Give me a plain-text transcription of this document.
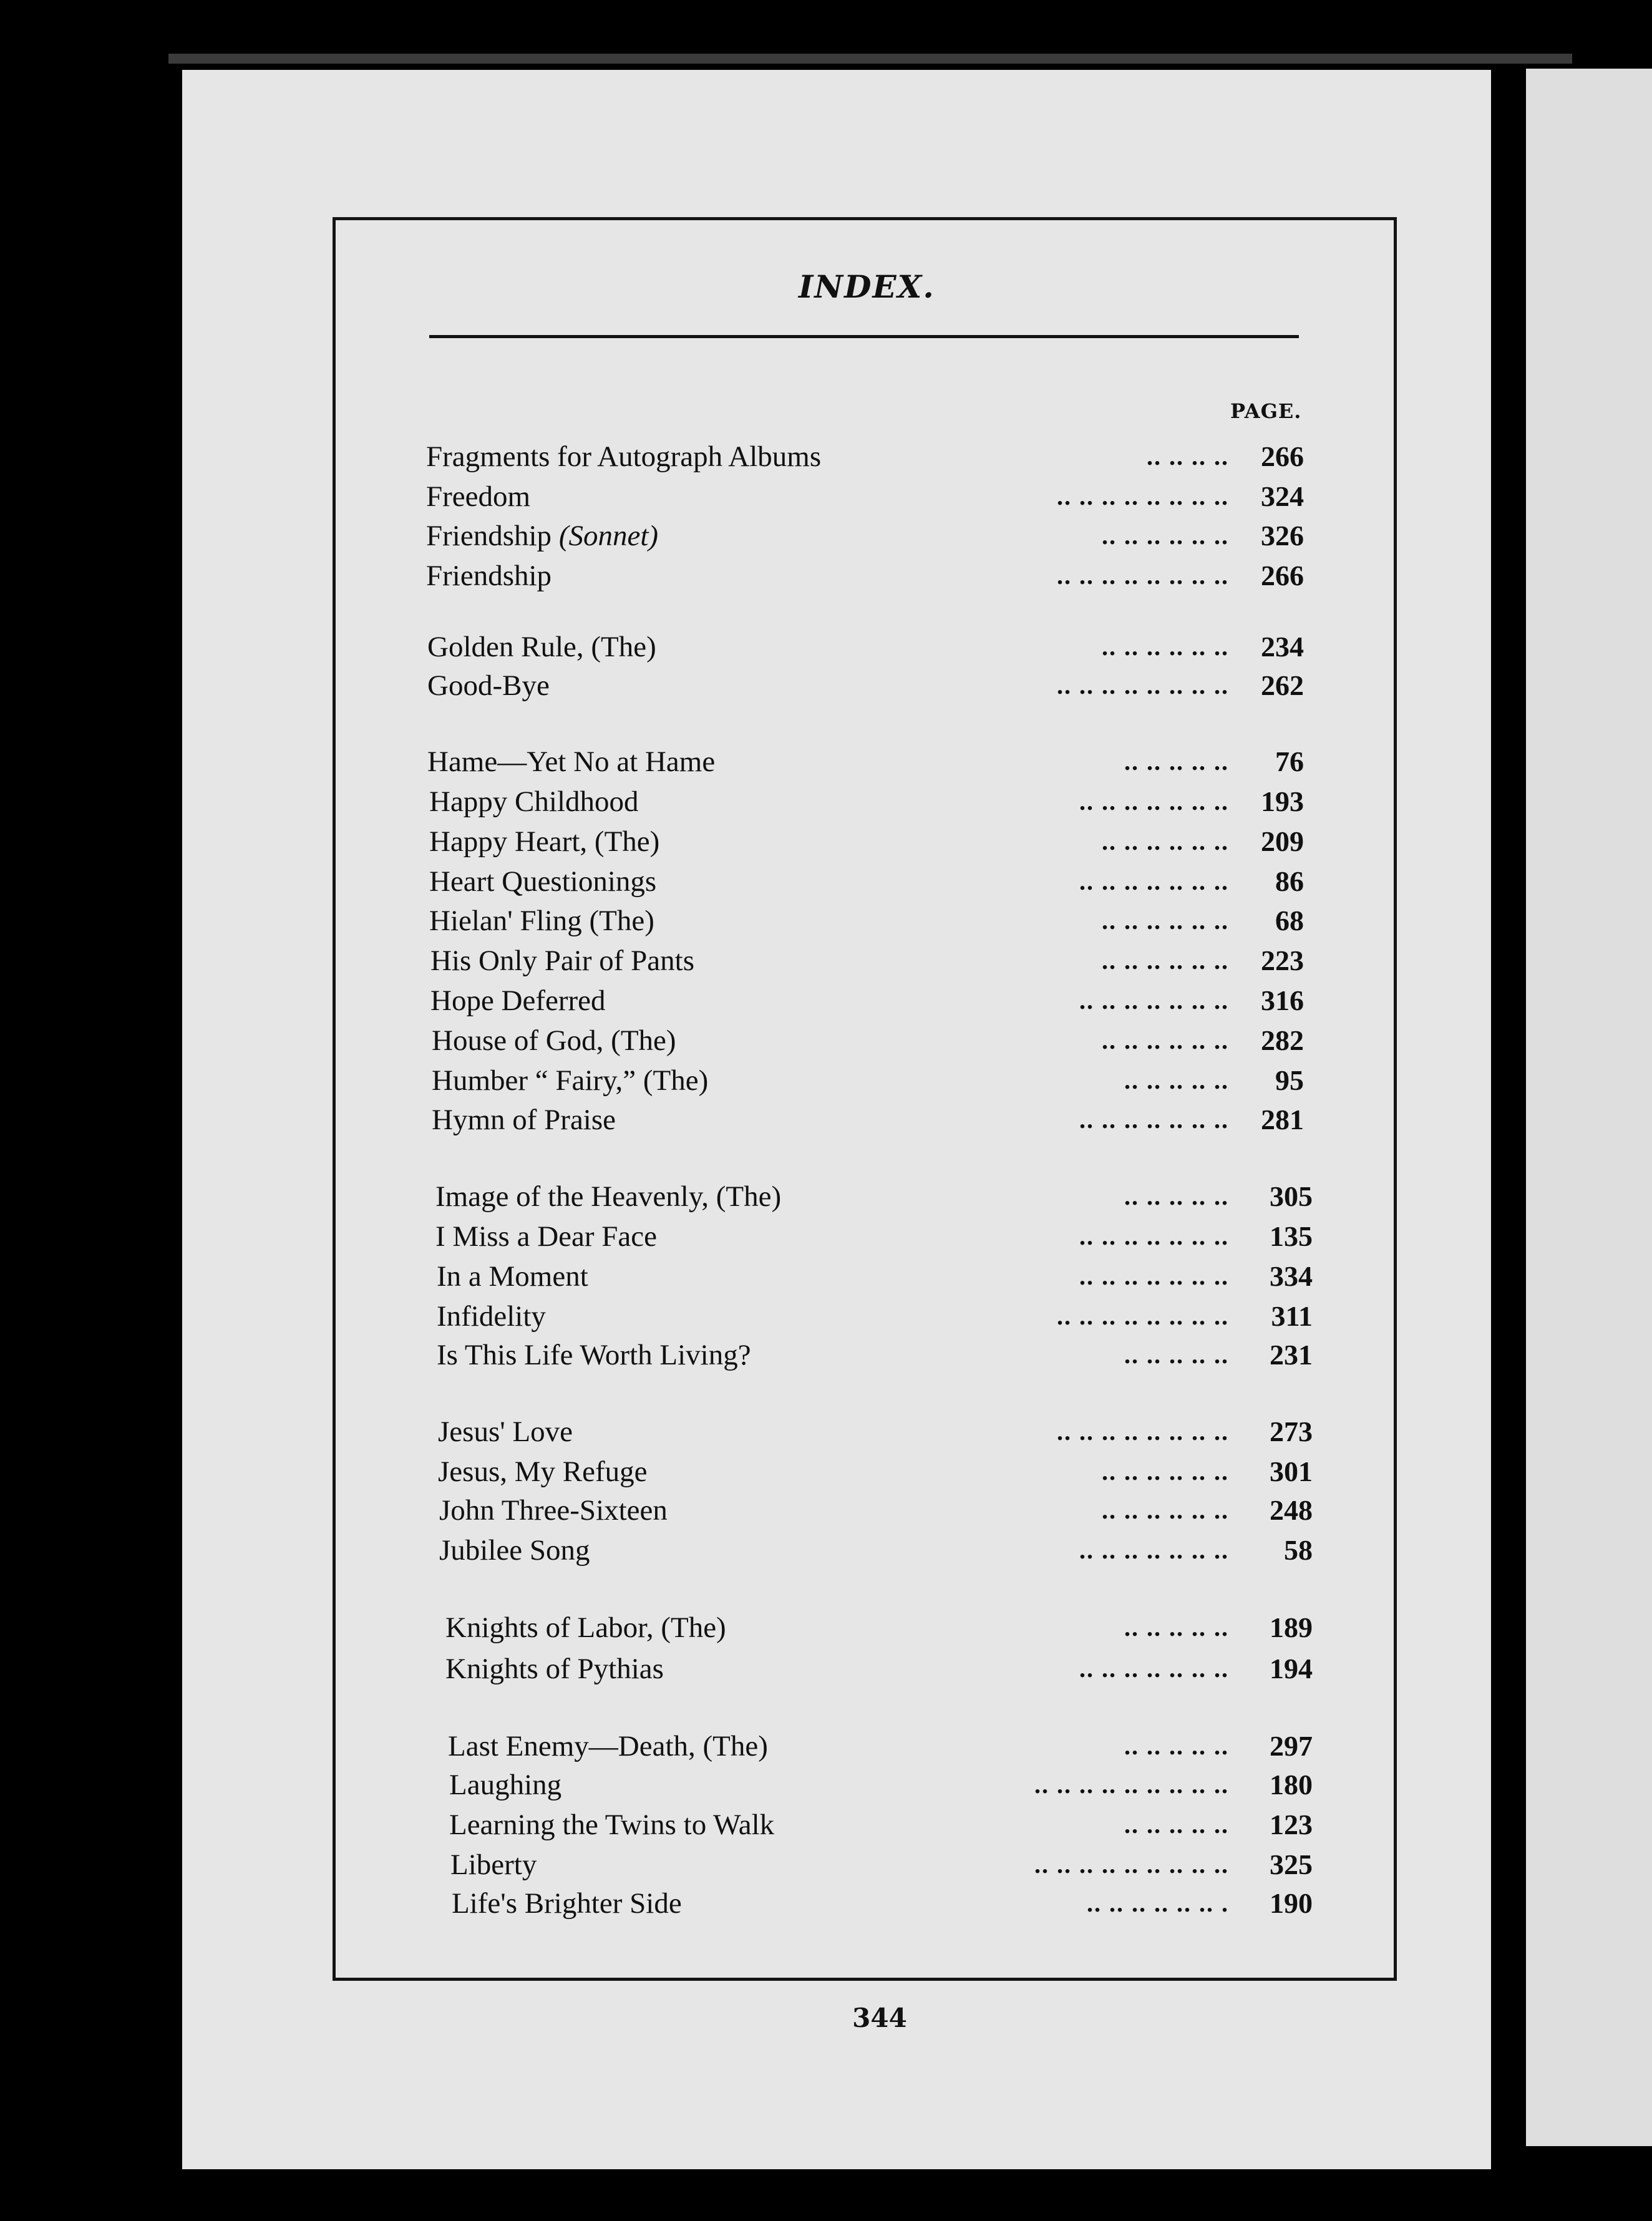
INDEX.
PAGE.
Fragments for Autograph Albums	.. .. .. ..	266
Freedom	.. .. .. .. .. .. .. ..	324
Friendship (Sonnet)	.. .. .. .. .. ..	326
Friendship	.. .. .. .. .. .. .. ..	266
Golden Rule, (The)	.. .. .. .. .. ..	234
Good-Bye	.. .. .. .. .. .. .. ..	262
Hame—Yet No at Hame	.. .. .. .. ..	76
Happy Childhood	.. .. .. .. .. .. ..	193
Happy Heart, (The)	.. .. .. .. .. ..	209
Heart Questionings	.. .. .. .. .. .. ..	86
Hielan' Fling (The)	.. .. .. .. .. ..	68
His Only Pair of Pants	.. .. .. .. .. ..	223
Hope Deferred	.. .. .. .. .. .. ..	316
House of God, (The)	.. .. .. .. .. ..	282
Humber “ Fairy,” (The)	.. .. .. .. ..	95
Hymn of Praise	.. .. .. .. .. .. ..	281
Image of the Heavenly, (The)	.. .. .. .. ..	305
I Miss a Dear Face	.. .. .. .. .. .. ..	135
In a Moment	.. .. .. .. .. .. ..	334
Infidelity	.. .. .. .. .. .. .. ..	311
Is This Life Worth Living?	.. .. .. .. ..	231
Jesus' Love	.. .. .. .. .. .. .. ..	273
Jesus, My Refuge	.. .. .. .. .. ..	301
John Three-Sixteen	.. .. .. .. .. ..	248
Jubilee Song	.. .. .. .. .. .. ..	58
Knights of Labor, (The)	.. .. .. .. ..	189
Knights of Pythias	.. .. .. .. .. .. ..	194
Last Enemy—Death, (The)	.. .. .. .. ..	297
Laughing	.. .. .. .. .. .. .. .. ..	180
Learning the Twins to Walk	.. .. .. .. ..	123
Liberty	.. .. .. .. .. .. .. .. ..	325
Life's Brighter Side	.. .. .. .. .. .. .	190
344
